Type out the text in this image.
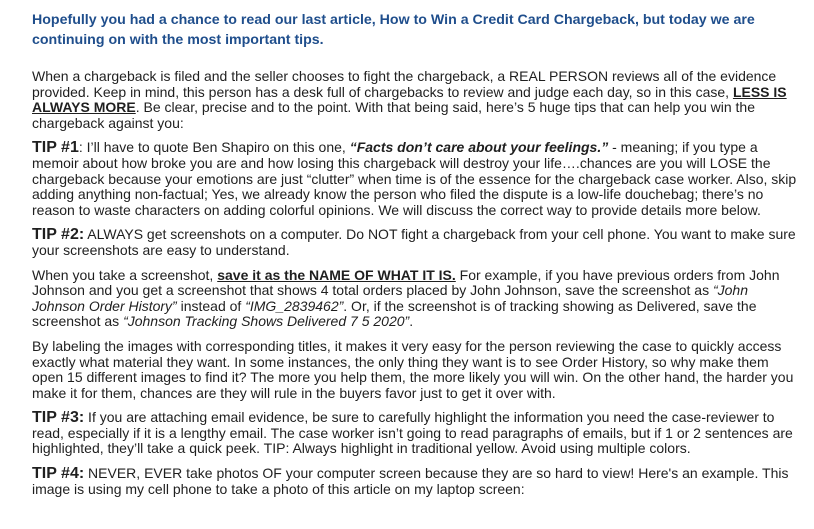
Hopefully you had a chance to read our last article, How to Win a Credit Card Chargeback, but today we are continuing on with the most important tips.

When a chargeback is filed and the seller chooses to fight the chargeback, a REAL PERSON reviews all of the evidence provided. Keep in mind, this person has a desk full of chargebacks to review and judge each day, so in this case, LESS IS ALWAYS MORE. Be clear, precise and to the point. With that being said, here’s 5 huge tips that can help you win the chargeback against you:

TIP #1: I’ll have to quote Ben Shapiro on this one, “Facts don’t care about your feelings.” - meaning; if you type a memoir about how broke you are and how losing this chargeback will destroy your life….chances are you will LOSE the chargeback because your emotions are just “clutter” when time is of the essence for the chargeback case worker. Also, skip adding anything non-factual; Yes, we already know the person who filed the dispute is a low-life douchebag; there’s no reason to waste characters on adding colorful opinions. We will discuss the correct way to provide details more below.

TIP #2: ALWAYS get screenshots on a computer. Do NOT fight a chargeback from your cell phone. You want to make sure your screenshots are easy to understand.

When you take a screenshot, save it as the NAME OF WHAT IT IS. For example, if you have previous orders from John Johnson and you get a screenshot that shows 4 total orders placed by John Johnson, save the screenshot as “John Johnson Order History” instead of “IMG_2839462”. Or, if the screenshot is of tracking showing as Delivered, save the screenshot as “Johnson Tracking Shows Delivered 7 5 2020”.

By labeling the images with corresponding titles, it makes it very easy for the person reviewing the case to quickly access exactly what material they want. In some instances, the only thing they want is to see Order History, so why make them open 15 different images to find it? The more you help them, the more likely you will win. On the other hand, the harder you make it for them, chances are they will rule in the buyers favor just to get it over with.

TIP #3: If you are attaching email evidence, be sure to carefully highlight the information you need the case-reviewer to read, especially if it is a lengthy email. The case worker isn’t going to read paragraphs of emails, but if 1 or 2 sentences are highlighted, they’ll take a quick peek. TIP: Always highlight in traditional yellow. Avoid using multiple colors.

TIP #4: NEVER, EVER take photos OF your computer screen because they are so hard to view! Here's an example. This image is using my cell phone to take a photo of this article on my laptop screen:
